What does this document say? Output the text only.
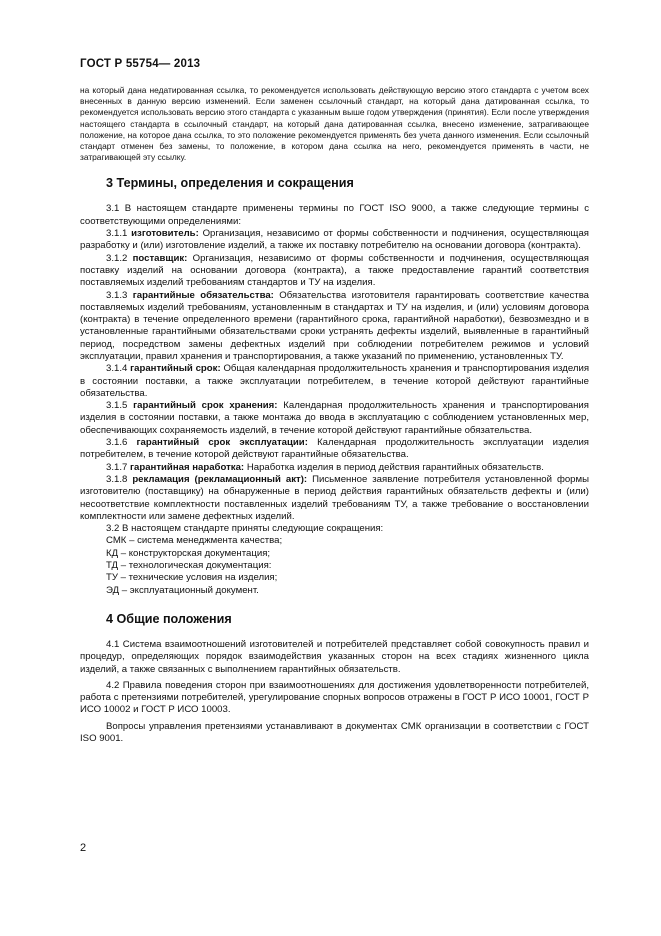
ГОСТ Р 55754— 2013

на который дана недатированная ссылка, то рекомендуется использовать действующую версию этого стандарта с учетом всех внесенных в данную версию изменений. Если заменен ссылочный стандарт, на который дана датированная ссылка, то рекомендуется использовать версию этого стандарта с указанным выше годом утверждения (принятия). Если после утверждения настоящего стандарта в ссылочный стандарт, на который дана датированная ссылка, внесено изменение, затрагивающее положение, на которое дана ссылка, то это положение рекомендуется применять без учета данного изменения. Если ссылочный стандарт отменен без замены, то положение, в котором дана ссылка на него, рекомендуется применять в части, не затрагивающей эту ссылку.

3 Термины, определения и сокращения

3.1 В настоящем стандарте применены термины по ГОСТ ISO 9000, а также следующие термины с соответствующими определениями:

3.1.1 изготовитель: Организация, независимо от формы собственности и подчинения, осуществляющая разработку и (или) изготовление изделий, а также их поставку потребителю на основании договора (контракта).

3.1.2 поставщик: Организация, независимо от формы собственности и подчинения, осуществляющая поставку изделий на основании договора (контракта), а также предоставление гарантий соответствия поставляемых изделий требованиям стандартов и ТУ на изделия.

3.1.3 гарантийные обязательства: Обязательства изготовителя гарантировать соответствие качества поставляемых изделий требованиям, установленным в стандартах и ТУ на изделия, и (или) условиям договора (контракта) в течение определенного времени (гарантийного срока, гарантийной наработки), безвозмездно и в установленные гарантийными обязательствами сроки устранять дефекты изделий, выявленные в гарантийный период, посредством замены дефектных изделий при соблюдении потребителем режимов и условий эксплуатации, правил хранения и транспортирования, а также указаний по применению, установленных ТУ.

3.1.4 гарантийный срок: Общая календарная продолжительность хранения и транспортирования изделия в состоянии поставки, а также эксплуатации потребителем, в течение которой действуют гарантийные обязательства.

3.1.5 гарантийный срок хранения: Календарная продолжительность хранения и транспортирования изделия в состоянии поставки, а также монтажа до ввода в эксплуатацию с соблюдением установленных мер, обеспечивающих сохраняемость изделий, в течение которой действуют гарантийные обязательства.

3.1.6 гарантийный срок эксплуатации: Календарная продолжительность эксплуатации изделия потребителем, в течение которой действуют гарантийные обязательства.

3.1.7 гарантийная наработка: Наработка изделия в период действия гарантийных обязательств.

3.1.8 рекламация (рекламационный акт): Письменное заявление потребителя установленной формы изготовителю (поставщику) на обнаруженные в период действия гарантийных обязательств дефекты и (или) несоответствие комплектности поставленных изделий требованиям ТУ, а также требование о восстановлении комплектности или замене дефектных изделий.

3.2 В настоящем стандарте приняты следующие сокращения:

СМК – система менеджмента качества;

КД – конструкторская документация;

ТД – технологическая документация:

ТУ – технические условия на изделия;

ЭД – эксплуатационный документ.

4 Общие положения

4.1 Система взаимоотношений изготовителей и потребителей представляет собой совокупность правил и процедур, определяющих порядок взаимодействия указанных сторон на всех стадиях жизненного цикла изделий, а также связанных с выполнением гарантийных обязательств.

4.2 Правила поведения сторон при взаимоотношениях для достижения удовлетворенности потребителей, работа с претензиями потребителей, урегулирование спорных вопросов отражены в ГОСТ Р ИСО 10001, ГОСТ Р ИСО 10002 и ГОСТ Р ИСО 10003.

Вопросы управления претензиями устанавливают в документах СМК организации в соответствии с ГОСТ ISO 9001.

2
